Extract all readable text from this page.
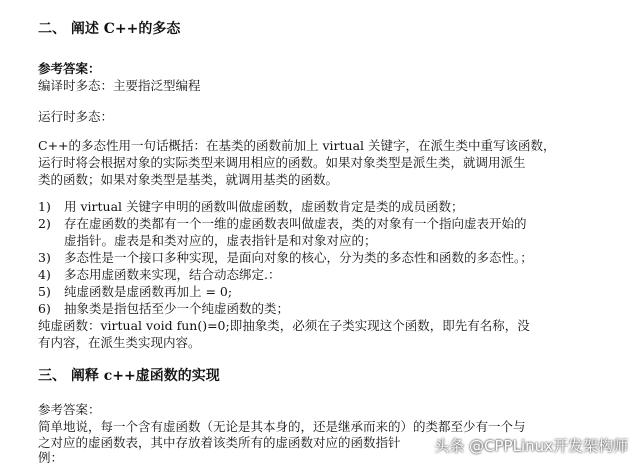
二、 阐述 C++的多态
参考答案：
编译时多态：主要指泛型编程
运行时多态：
C++的多态性用一句话概括：在基类的函数前加上 virtual 关键字，在派生类中重写该函数，
运行时将会根据对象的实际类型来调用相应的函数。如果对象类型是派生类，就调用派生
类的函数；如果对象类型是基类，就调用基类的函数。
1) 用 virtual 关键字申明的函数叫做虚函数，虚函数肯定是类的成员函数；
2) 存在虚函数的类都有一个一维的虚函数表叫做虚表，类的对象有一个指向虚表开始的
虚指针。虚表是和类对应的，虚表指针是和对象对应的；
3) 多态性是一个接口多种实现，是面向对象的核心，分为类的多态性和函数的多态性。；
4) 多态用虚函数来实现，结合动态绑定.：
5) 纯虚函数是虚函数再加上 = 0;
6) 抽象类是指包括至少一个纯虚函数的类；
纯虚函数：virtual void fun()=0;即抽象类，必须在子类实现这个函数，即先有名称，没
有内容，在派生类实现内容。
三、 阐释 c++虚函数的实现
参考答案：
简单地说，每一个含有虚函数（无论是其本身的，还是继承而来的）的类都至少有一个与
之对应的虚函数表，其中存放着该类所有的虚函数对应的函数指针
例：
头条 @CPPLinux开发架构师
